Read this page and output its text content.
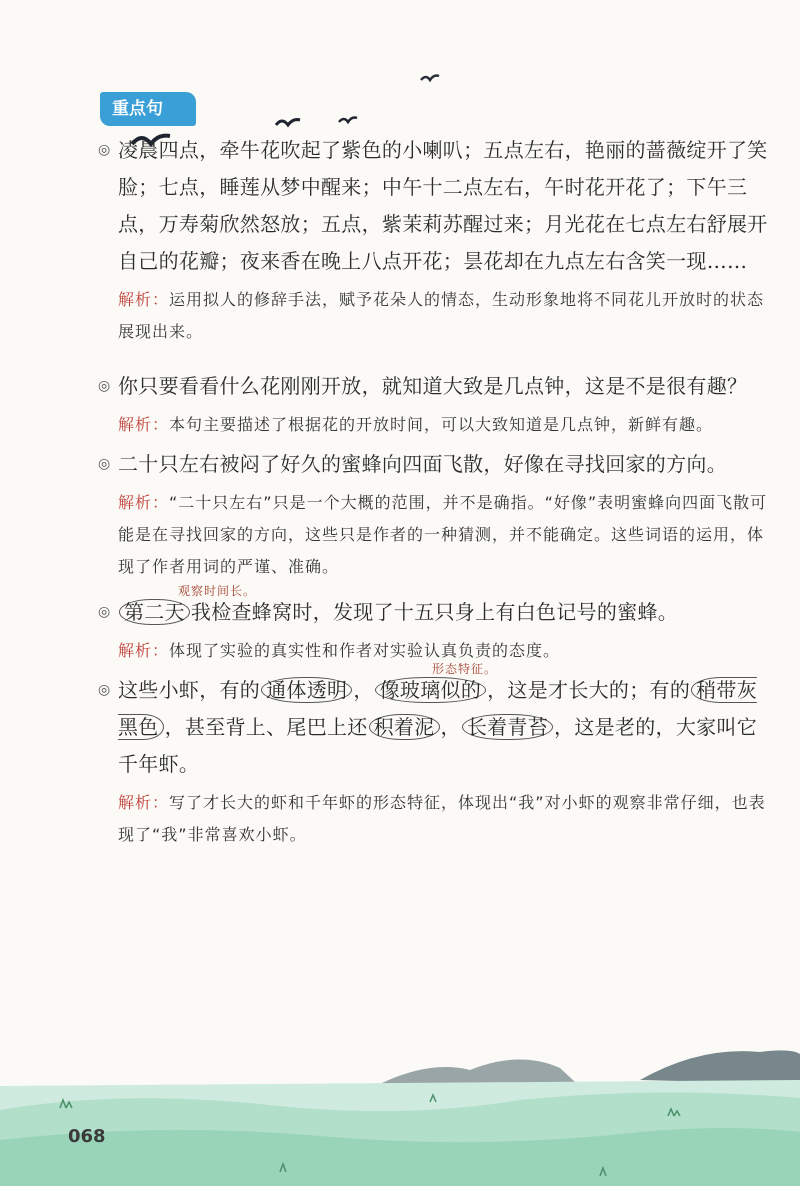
重点句
◎ 凌晨四点，牵牛花吹起了紫色的小喇叭；五点左右，艳丽的蔷薇绽开了笑脸；七点，睡莲从梦中醒来；中午十二点左右，午时花开花了；下午三点，万寿菊欣然怒放；五点，紫茉莉苏醒过来；月光花在七点左右舒展开自己的花瓣；夜来香在晚上八点开花；昙花却在九点左右含笑一现……
解析：运用拟人的修辞手法，赋予花朵人的情态，生动形象地将不同花儿开放时的状态展现出来。
◎ 你只要看看什么花刚刚开放，就知道大致是几点钟，这是不是很有趣？
解析：本句主要描述了根据花的开放时间，可以大致知道是几点钟，新鲜有趣。
◎ 二十只左右被闷了好久的蜜蜂向四面飞散，好像在寻找回家的方向。
解析：“二十只左右”只是一个大概的范围，并不是确指。“好像”表明蜜蜂向四面飞散可能是在寻找回家的方向，这些只是作者的一种猜测，并不能确定。这些词语的运用，体现了作者用词的严谨、准确。
观察时间长。
◎ 第二天 我检查蜂窝时，发现了十五只身上有白色记号的蜜蜂。
解析：体现了实验的真实性和作者对实验认真负责的态度。
形态特征。
◎ 这些小虾，有的 通体透明 ， 像玻璃似的 ，这是才长大的；有的 稍带灰黑色 ，甚至背上、尾巴上还 积着泥 ， 长着青苔 ，这是老的，大家叫它千年虾。
解析：写了才长大的虾和千年虾的形态特征，体现出“我”对小虾的观察非常仔细，也表现了“我”非常喜欢小虾。
068
